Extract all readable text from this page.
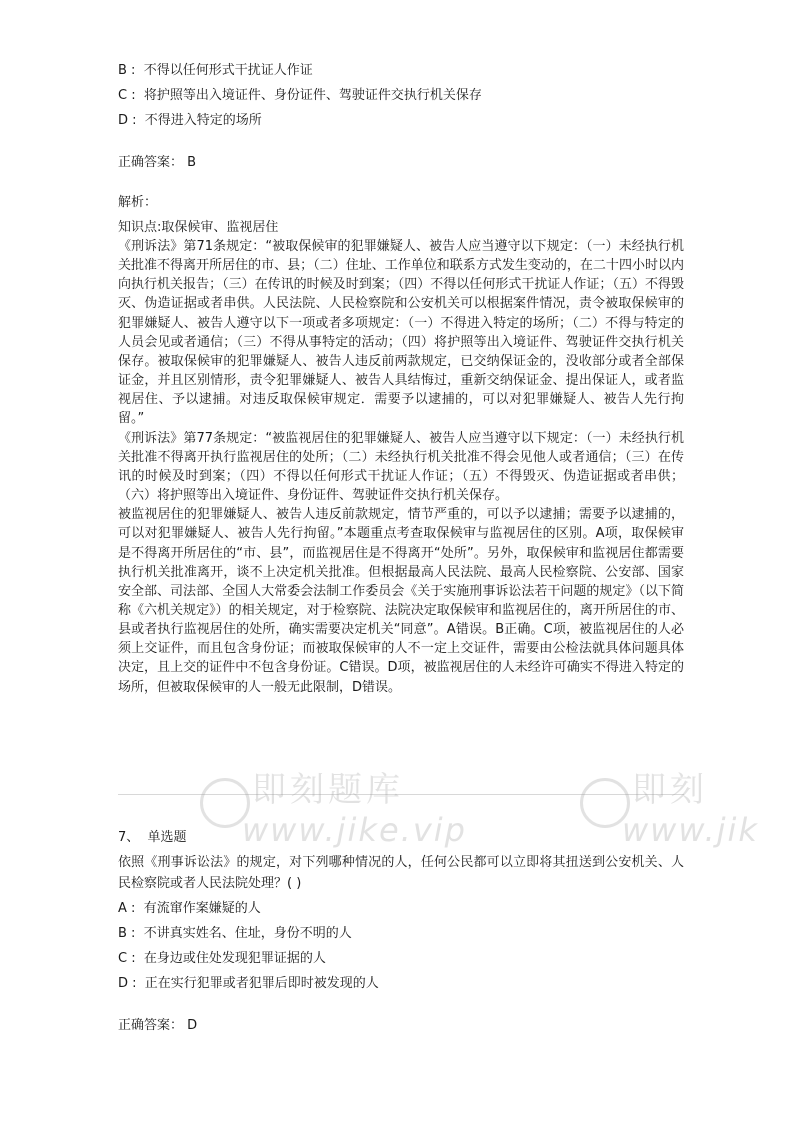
B :  不得以任何形式干扰证人作证
C :  将护照等出入境证件、身份证件、驾驶证件交执行机关保存
D :  不得进入特定的场所
正确答案： B
解析：
知识点:取保候审、监视居住

《刑诉法》第71条规定：“被取保候审的犯罪嫌疑人、被告人应当遵守以下规定：（一）未经执行机关批准不得离开所居住的市、县；（二）住址、工作单位和联系方式发生变动的，在二十四小时以内向执行机关报告；（三）在传讯的时候及时到案；（四）不得以任何形式干扰证人作证；（五）不得毁灭、伪造证据或者串供。人民法院、人民检察院和公安机关可以根据案件情况，责令被取保候审的犯罪嫌疑人、被告人遵守以下一项或者多项规定：（一）不得进入特定的场所；（二）不得与特定的人员会见或者通信；（三）不得从事特定的活动；（四）将护照等出入境证件、驾驶证件交执行机关保存。被取保候审的犯罪嫌疑人、被告人违反前两款规定，已交纳保证金的，没收部分或者全部保证金，并且区别情形，责令犯罪嫌疑人、被告人具结悔过，重新交纳保证金、提出保证人，或者监视居住、予以逮捕。对违反取保候审规定．需要予以逮捕的，可以对犯罪嫌疑人、被告人先行拘留。”

《刑诉法》第77条规定：“被监视居住的犯罪嫌疑人、被告人应当遵守以下规定：（一）未经执行机关批准不得离开执行监视居住的处所；（二）未经执行机关批准不得会见他人或者通信；（三）在传讯的时候及时到案；（四）不得以任何形式干扰证人作证；（五）不得毁灭、伪造证据或者串供；（六）将护照等出入境证件、身份证件、驾驶证件交执行机关保存。

被监视居住的犯罪嫌疑人、被告人违反前款规定，情节严重的，可以予以逮捕；需要予以逮捕的，可以对犯罪嫌疑人、被告人先行拘留。”本题重点考查取保候审与监视居住的区别。A项，取保候审是不得离开所居住的“市、县”，而监视居住是不得离开“处所”。另外，取保候审和监视居住都需要执行机关批准离开，谈不上决定机关批准。但根据最高人民法院、最高人民检察院、公安部、国家安全部、司法部、全国人大常委会法制工作委员会《关于实施刑事诉讼法若干问题的规定》（以下简称《六机关规定》）的相关规定，对于检察院、法院决定取保候审和监视居住的，离开所居住的市、县或者执行监视居住的处所，确实需要决定机关“同意”。A错误。B正确。C项，被监视居住的人必须上交证件，而且包含身份证；而被取保候审的人不一定上交证件，需要由公检法就具体问题具体决定，且上交的证件中不包含身份证。C错误。D项，被监视居住的人未经许可确实不得进入特定的场所，但被取保候审的人一般无此限制，D错误。

7、 单选题
依照《刑事诉讼法》的规定，对下列哪种情况的人，任何公民都可以立即将其扭送到公安机关、人民检察院或者人民法院处理？( )
A :  有流窜作案嫌疑的人
B :  不讲真实姓名、住址，身份不明的人
C :  在身边或住处发现犯罪证据的人
D :  正在实行犯罪或者犯罪后即时被发现的人
正确答案： D
即刻题库
www.jike.vip
即刻
www.jik
